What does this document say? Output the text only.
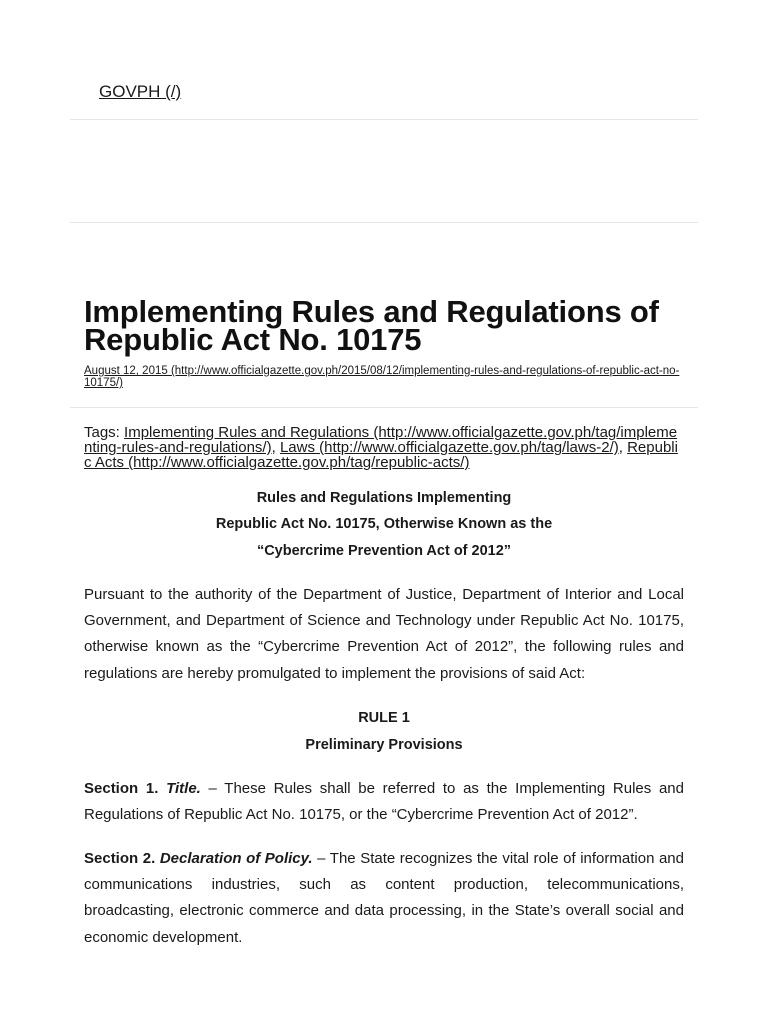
GOVPH (/)
Implementing Rules and Regulations of Republic Act No. 10175
August 12, 2015 (http://www.officialgazette.gov.ph/2015/08/12/implementing-rules-and-regulations-of-republic-act-no-10175/)
Tags: Implementing Rules and Regulations (http://www.officialgazette.gov.ph/tag/implementing-rules-and-regulations/), Laws (http://www.officialgazette.gov.ph/tag/laws-2/), Republic Acts (http://www.officialgazette.gov.ph/tag/republic-acts/)
Rules and Regulations Implementing
Republic Act No. 10175, Otherwise Known as the
“Cybercrime Prevention Act of 2012”

Pursuant to the authority of the Department of Justice, Department of Interior and Local Government, and Department of Science and Technology under Republic Act No. 10175, otherwise known as the “Cybercrime Prevention Act of 2012”, the following rules and regulations are hereby promulgated to implement the provisions of said Act:

RULE 1
Preliminary Provisions

Section 1. Title. – These Rules shall be referred to as the Implementing Rules and Regulations of Republic Act No. 10175, or the “Cybercrime Prevention Act of 2012”.

Section 2. Declaration of Policy. – The State recognizes the vital role of information and communications industries, such as content production, telecommunications, broadcasting, electronic commerce and data processing, in the State’s overall social and economic development.
